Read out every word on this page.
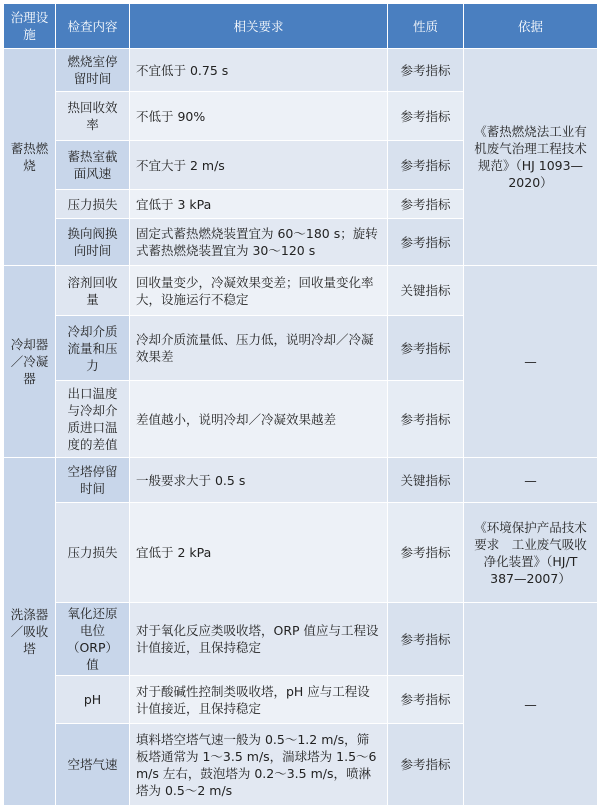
治理设施	检查内容	相关要求	性质	依据
蓄热燃烧	燃烧室停留时间	不宜低于 0.75 s	参考指标	《蓄热燃烧法工业有机废气治理工程技术规范》（HJ 1093—2020）
	热回收效率	不低于 90%	参考指标	
	蓄热室截面风速	不宜大于 2 m/s	参考指标	
	压力损失	宜低于 3 kPa	参考指标	
	换向阀换向时间	固定式蓄热燃烧装置宜为 60～180 s；旋转式蓄热燃烧装置宜为 30～120 s	参考指标	
冷却器／冷凝器	溶剂回收量	回收量变少，冷凝效果变差；回收量变化率大，设施运行不稳定	关键指标	—
	冷却介质流量和压力	冷却介质流量低、压力低，说明冷却／冷凝效果差	参考指标	
	出口温度与冷却介质进口温度的差值	差值越小，说明冷却／冷凝效果越差	参考指标	
洗涤器／吸收塔	空塔停留时间	一般要求大于 0.5 s	关键指标	—
	压力损失	宜低于 2 kPa	参考指标	《环境保护产品技术要求　工业废气吸收净化装置》（HJ/T 387—2007）
	氧化还原电位（ORP）值	对于氧化反应类吸收塔，ORP 值应与工程设计值接近，且保持稳定	参考指标	—
	pH	对于酸碱性控制类吸收塔，pH 应与工程设计值接近，且保持稳定	参考指标	
	空塔气速	填料塔空塔气速一般为 0.5～1.2 m/s，筛板塔通常为 1～3.5 m/s，湍球塔为 1.5～6 m/s 左右，鼓泡塔为 0.2～3.5 m/s，喷淋塔为 0.5～2 m/s	参考指标	
